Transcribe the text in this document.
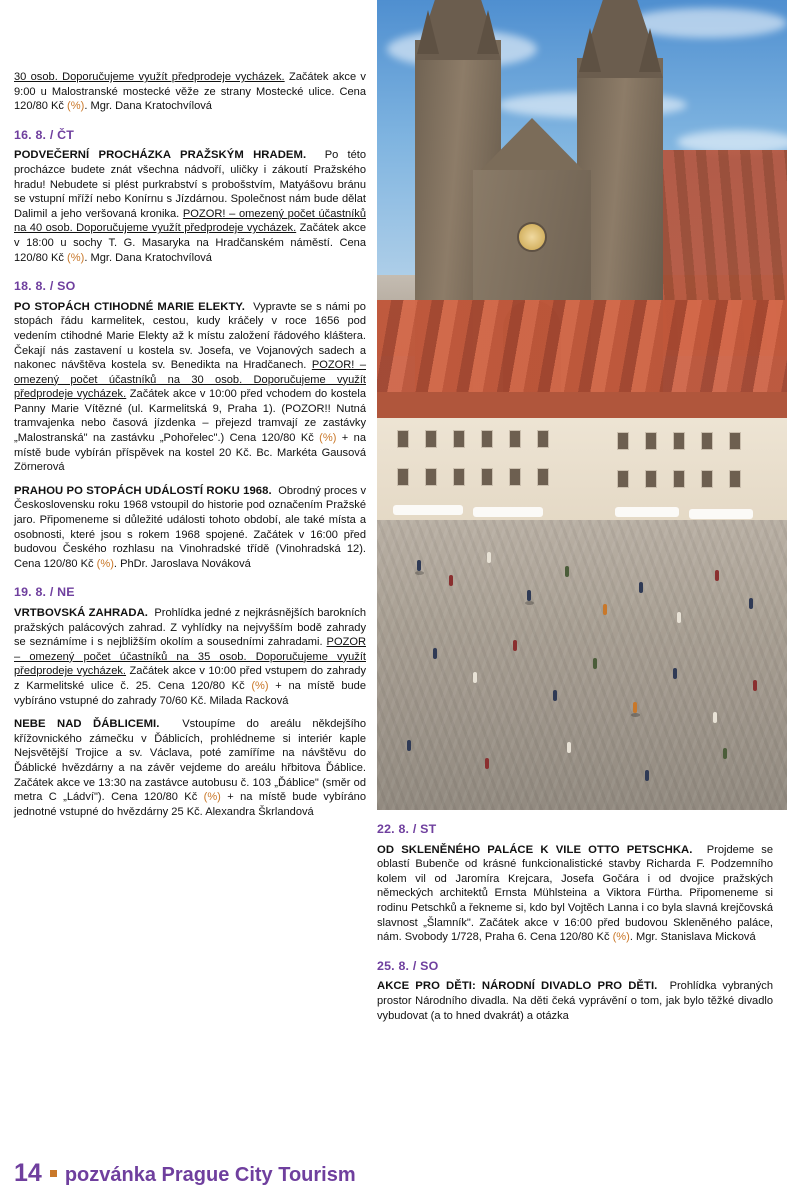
30 osob. Doporučujeme využít předprodeje vycházek. Začátek akce v 9:00 u Malostranské mostecké věže ze strany Mostecké ulice. Cena 120/80 Kč (%). Mgr. Dana Kratochvílová

16. 8. / ČT

PODVEČERNÍ PROCHÁZKA PRAŽSKÝM HRADEM. Po této procházce budete znát všechna nádvoří, uličky i zákoutí Pražského hradu! Nebudete si plést purkrabství s probošstvím, Matyášovu bránu se vstupní mříží nebo Konírnu s Jízdárnou. Společnost nám bude dělat Dalimil a jeho veršovaná kronika. POZOR! – omezený počet účastníků na 40 osob. Doporučujeme využít předprodeje vycházek. Začátek akce v 18:00 u sochy T. G. Masaryka na Hradčanském náměstí. Cena 120/80 Kč (%). Mgr. Dana Kratochvílová

18. 8. / SO

PO STOPÁCH CTIHODNÉ MARIE ELEKTY. Vypravte se s námi po stopách řádu karmelitek, cestou, kudy kráčely v roce 1656 pod vedením ctihodné Marie Elekty až k místu založení řádového kláštera. Čekají nás zastavení u kostela sv. Josefa, ve Vojanových sadech a nakonec návštěva kostela sv. Benedikta na Hradčanech. POZOR! – omezený počet účastníků na 30 osob. Doporučujeme využít předprodeje vycházek. Začátek akce v 10:00 před vchodem do kostela Panny Marie Vítězné (ul. Karmelitská 9, Praha 1). (POZOR!! Nutná tramvajenka nebo časová jízdenka – přejezd tramvají ze zastávky „Malostranská" na zastávku „Pohořelec".) Cena 120/80 Kč (%) + na místě bude vybírán příspěvek na kostel 20 Kč. Bc. Markéta Gausová Zörnerová

PRAHOU PO STOPÁCH UDÁLOSTÍ ROKU 1968. Obrodný proces v Československu roku 1968 vstoupil do historie pod označením Pražské jaro. Připomeneme si důležité události tohoto období, ale také místa a osobnosti, které jsou s rokem 1968 spojené. Začátek v 16:00 před budovou Českého rozhlasu na Vinohradské třídě (Vinohradská 12). Cena 120/80 Kč (%). PhDr. Jaroslava Nováková

19. 8. / NE

VRTBOVSKÁ ZAHRADA. Prohlídka jedné z nejkrásnějších barokních pražských palácových zahrad. Z vyhlídky na nejvyšším bodě zahrady se seznámíme i s nejbližším okolím a sousedními zahradami. POZOR – omezený počet účastníků na 35 osob. Doporučujeme využít předprodeje vycházek. Začátek akce v 10:00 před vstupem do zahrady z Karmelitské ulice č. 25. Cena 120/80 Kč (%) + na místě bude vybíráno vstupné do zahrady 70/60 Kč. Milada Racková

NEBE NAD ĎÁBLICEMI. Vstoupíme do areálu někdejšího křížovnického zámečku v Ďáblicích, prohlédneme si interiér kaple Nejsvětější Trojice a sv. Václava, poté zamíříme na návštěvu do Ďáblické hvězdárny a na závěr vejdeme do areálu hřbitova Ďáblice. Začátek akce ve 13:30 na zastávce autobusu č. 103 „Ďáblice" (směr od metra C „Ládví"). Cena 120/80 Kč (%) + na místě bude vybíráno jednotné vstupné do hvězdárny 25 Kč. Alexandra Škrlandová

22. 8. / ST

OD SKLENĚNÉHO PALÁCE K VILE OTTO PETSCHKA. Projdeme se oblastí Bubenče od krásné funkcionalistické stavby Richarda F. Podzemního kolem vil od Jaromíra Krejcara, Josefa Gočára i od dvojice pražských německých architektů Ernsta Mühlsteina a Viktora Fürtha. Připomeneme si rodinu Petschků a řekneme si, kdo byl Vojtěch Lanna i co byla slavná krejčovská slavnost „Šlamník". Začátek akce v 16:00 před budovou Skleněného paláce, nám. Svobody 1/728, Praha 6. Cena 120/80 Kč (%). Mgr. Stanislava Micková

25. 8. / SO

AKCE PRO DĚTI: NÁRODNÍ DIVADLO PRO DĚTI. Prohlídka vybraných prostor Národního divadla. Na děti čeká vyprávění o tom, jak bylo těžké divadlo vybudovat (a to hned dvakrát) a otázka

14 pozvánka Prague City Tourism
